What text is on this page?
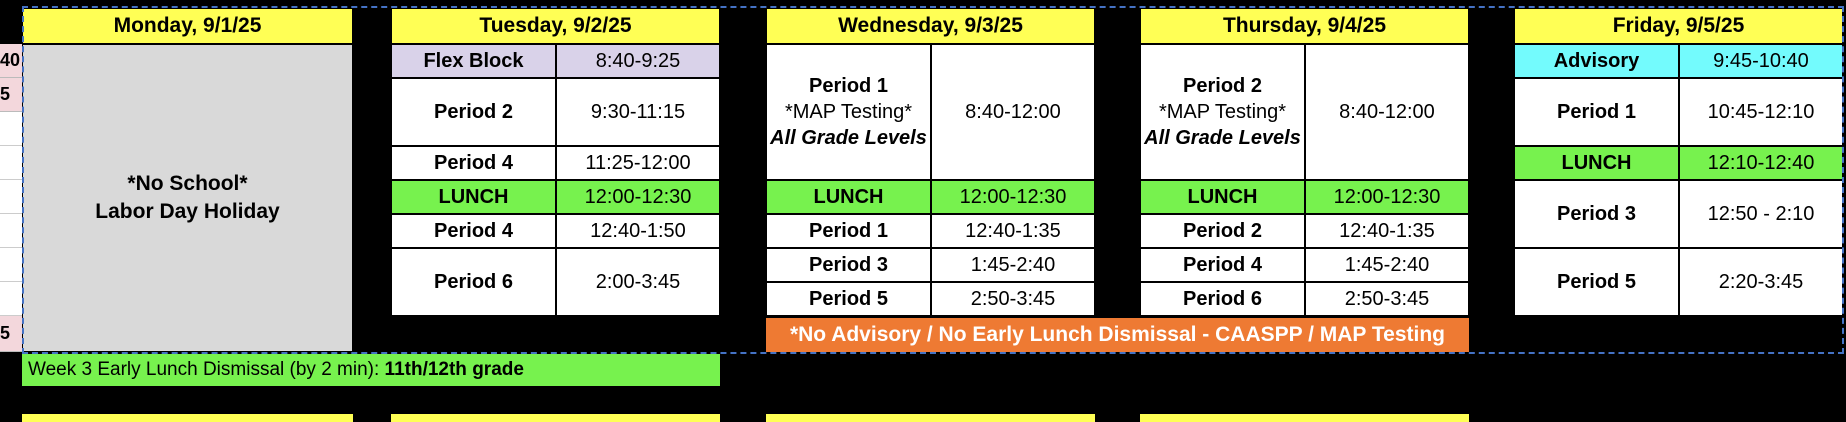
40
5
5
Monday, 9/1/25
*No School*
Labor Day Holiday
Tuesday, 9/2/25
Flex Block	8:40-9:25
Period 2	9:30-11:15
Period 4	11:25-12:00
LUNCH	12:00-12:30
Period 4	12:40-1:50
Period 6	2:00-3:45
Wednesday, 9/3/25
Period 1
*MAP Testing*
All Grade Levels
8:40-12:00
LUNCH	12:00-12:30
Period 1	12:40-1:35
Period 3	1:45-2:40
Period 5	2:50-3:45
Thursday, 9/4/25
Period 2
*MAP Testing*
All Grade Levels
8:40-12:00
LUNCH	12:00-12:30
Period 2	12:40-1:35
Period 4	1:45-2:40
Period 6	2:50-3:45
Friday, 9/5/25
Advisory	9:45-10:40
Period 1	10:45-12:10
LUNCH	12:10-12:40
Period 3	12:50 - 2:10
Period 5	2:20-3:45
*No Advisory / No Early Lunch Dismissal - CAASPP / MAP Testing
Week 3 Early Lunch Dismissal (by 2 min): 11th/12th grade
